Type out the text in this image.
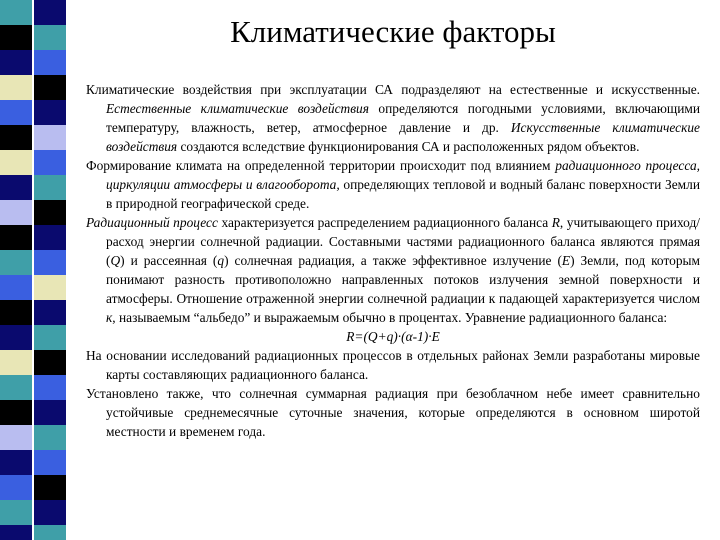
Климатические факторы

Климатические воздействия при эксплуатации СА подразделяют на естественные и искусственные. Естественные климатические воздействия определяются погодными условиями, включающими температуру, влажность, ветер, атмосферное давление и др. Искусственные климатические воздействия создаются вследствие функционирования СА и расположенных рядом объектов.

Формирование климата на определенной территории происходит под влиянием радиационного процесса, циркуляции атмосферы и влагооборота, определяющих тепловой и водный баланс поверхности Земли в природной географической среде.

Радиационный процесс характеризуется распределением радиационного баланса R, учитывающего приход/расход энергии солнечной радиации. Составными частями радиационного баланса являются прямая (Q) и рассеянная (q) солнечная радиация, а также эффективное излучение (E) Земли, под которым понимают разность противоположно направленных потоков излучения земной поверхности и атмосферы. Отношение отраженной энергии солнечной радиации к падающей характеризуется числом к, называемым “альбедо” и выражаемым обычно в процентах. Уравнение радиационного баланса:

R=(Q+q)·(α-1)·E

На основании исследований радиационных процессов в отдельных районах Земли разработаны мировые карты составляющих радиационного баланса.

Установлено также, что солнечная суммарная радиация при безоблачном небе имеет сравнительно устойчивые среднемесячные суточные значения, которые определяются в основном широтой местности и временем года.
